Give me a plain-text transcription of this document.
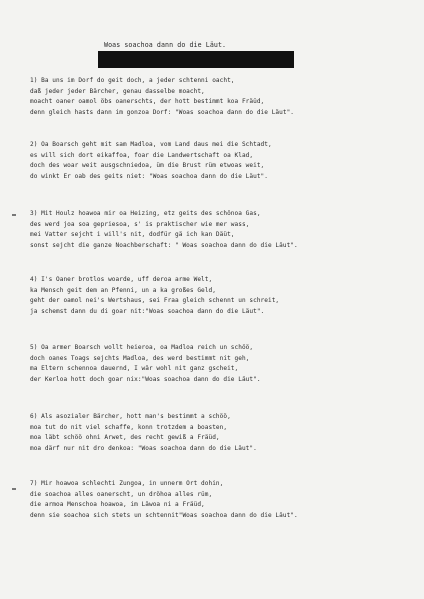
Woas soachoa dann do die Läut.
1) Ba uns im Dorf do geit doch, a jeder schtenni oacht,
daß jeder jeder Bärcher, genau dasselbe moacht,
moacht oaner oamol öbs oanerschts, der hott bestimmt koa Fräüd,
denn gleich hasts dann im gonzoa Dorf: "Woas soachoa dann do die Läut".
2) Oa Boarsch geht mit sam Madloa, vom Land daus mei die Schtadt,
es will sich dort eikaffoa, foar die Landwertschaft oa Klad,
doch des woar weit ausgschniedoa, üm die Brust rüm etwoas weit,
do winkt Er oab des geits niet: "Woas soachoa dann do die Läut".
3) Mit Houlz hoawoa mir oa Heizing, etz geits des schönoa Gas,
des werd joa soa gepriesoa, s' is praktischer wie mer wass,
mei Vatter sejcht i will's nit, dodfür gä ich kan Däüt,
sonst sejcht die ganze Noachberschaft: " Woas soachoa dann do die Läut".
4) I's Oaner brotlos woarde, uff deroa arme Welt,
ka Mensch geit dem an Pfenni, un a ka großes Geld,
geht der oamol nei's Wertshaus, sei Fraa gleich schennt un schreit,
ja schemst dann du di goar nit:"Woas soachoa dann do die Läut".
5) Oa armer Boarsch wollt heieroa, oa Madloa reich un schöö,
doch oanes Toags sejchts Madloa, des werd bestimmt nit geh,
ma Eltern schennoa dauernd, I wär wohl nit ganz gscheit,
der Kerloa hott doch goar nix:"Woas soachoa dann do die Läut".
6) Als asozialer Bärcher, hott man's bestimmt a schöö,
moa tut do nit viel schaffe, konn trotzdem a boasten,
moa läbt schöö ohni Arwet, des recht gewiß a Fräüd,
moa därf nur nit dro denkoa: "Woas soachoa dann do die Läut".
7) Mir hoawoa schlechti Zungoa, in unnerm Ort dohin,
die soachoa alles oanerscht, un dröhoa alles rüm,
die armoa Menschoa hoawoa, im Läwoa ni a Fräüd,
denn sie soachoa sich stets un schtennit"Woas soachoa dann do die Läut".
